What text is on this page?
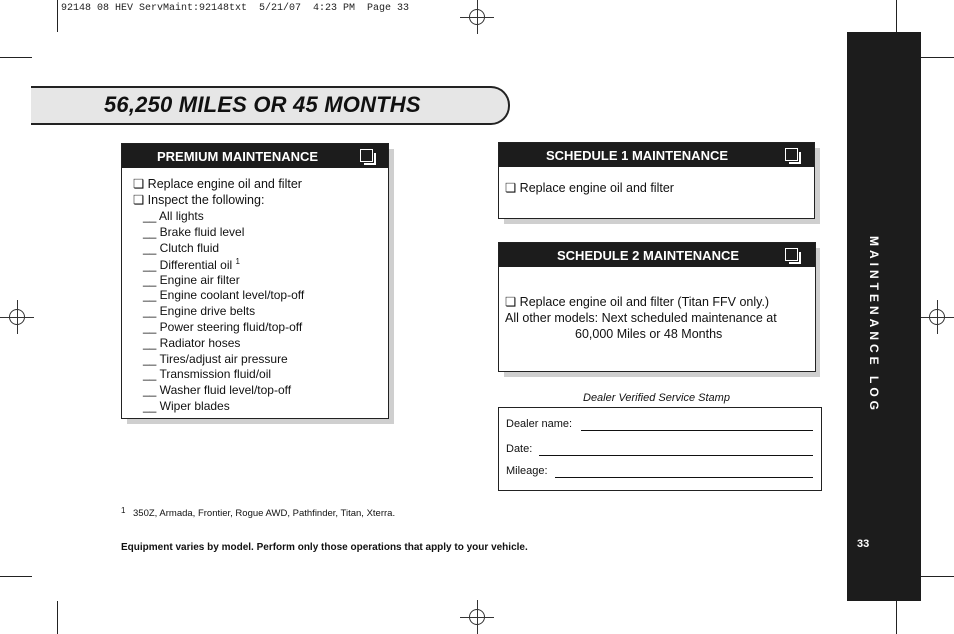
92148 08 HEV ServMaint:92148txt  5/21/07  4:23 PM  Page 33
56,250 MILES OR 45 MONTHS
PREMIUM MAINTENANCE
❏ Replace engine oil and filter
❏ Inspect the following:
__ All lights
__ Brake fluid level
__ Clutch fluid
__ Differential oil $^1$
__ Engine air filter
__ Engine coolant level/top-off
__ Engine drive belts
__ Power steering fluid/top-off
__ Radiator hoses
__ Tires/adjust air pressure
__ Transmission fluid/oil
__ Washer fluid level/top-off
__ Wiper blades
SCHEDULE 1 MAINTENANCE
❏ Replace engine oil and filter
SCHEDULE 2 MAINTENANCE
❏ Replace engine oil and filter (Titan FFV only.)
All other models: Next scheduled maintenance at
60,000 Miles or 48 Months
Dealer Verified Service Stamp
Dealer name:
Date:
Mileage:
1 350Z, Armada, Frontier, Rogue AWD, Pathfinder, Titan, Xterra.
Equipment varies by model. Perform only those operations that apply to your vehicle.
MAINTENANCE LOG
33
